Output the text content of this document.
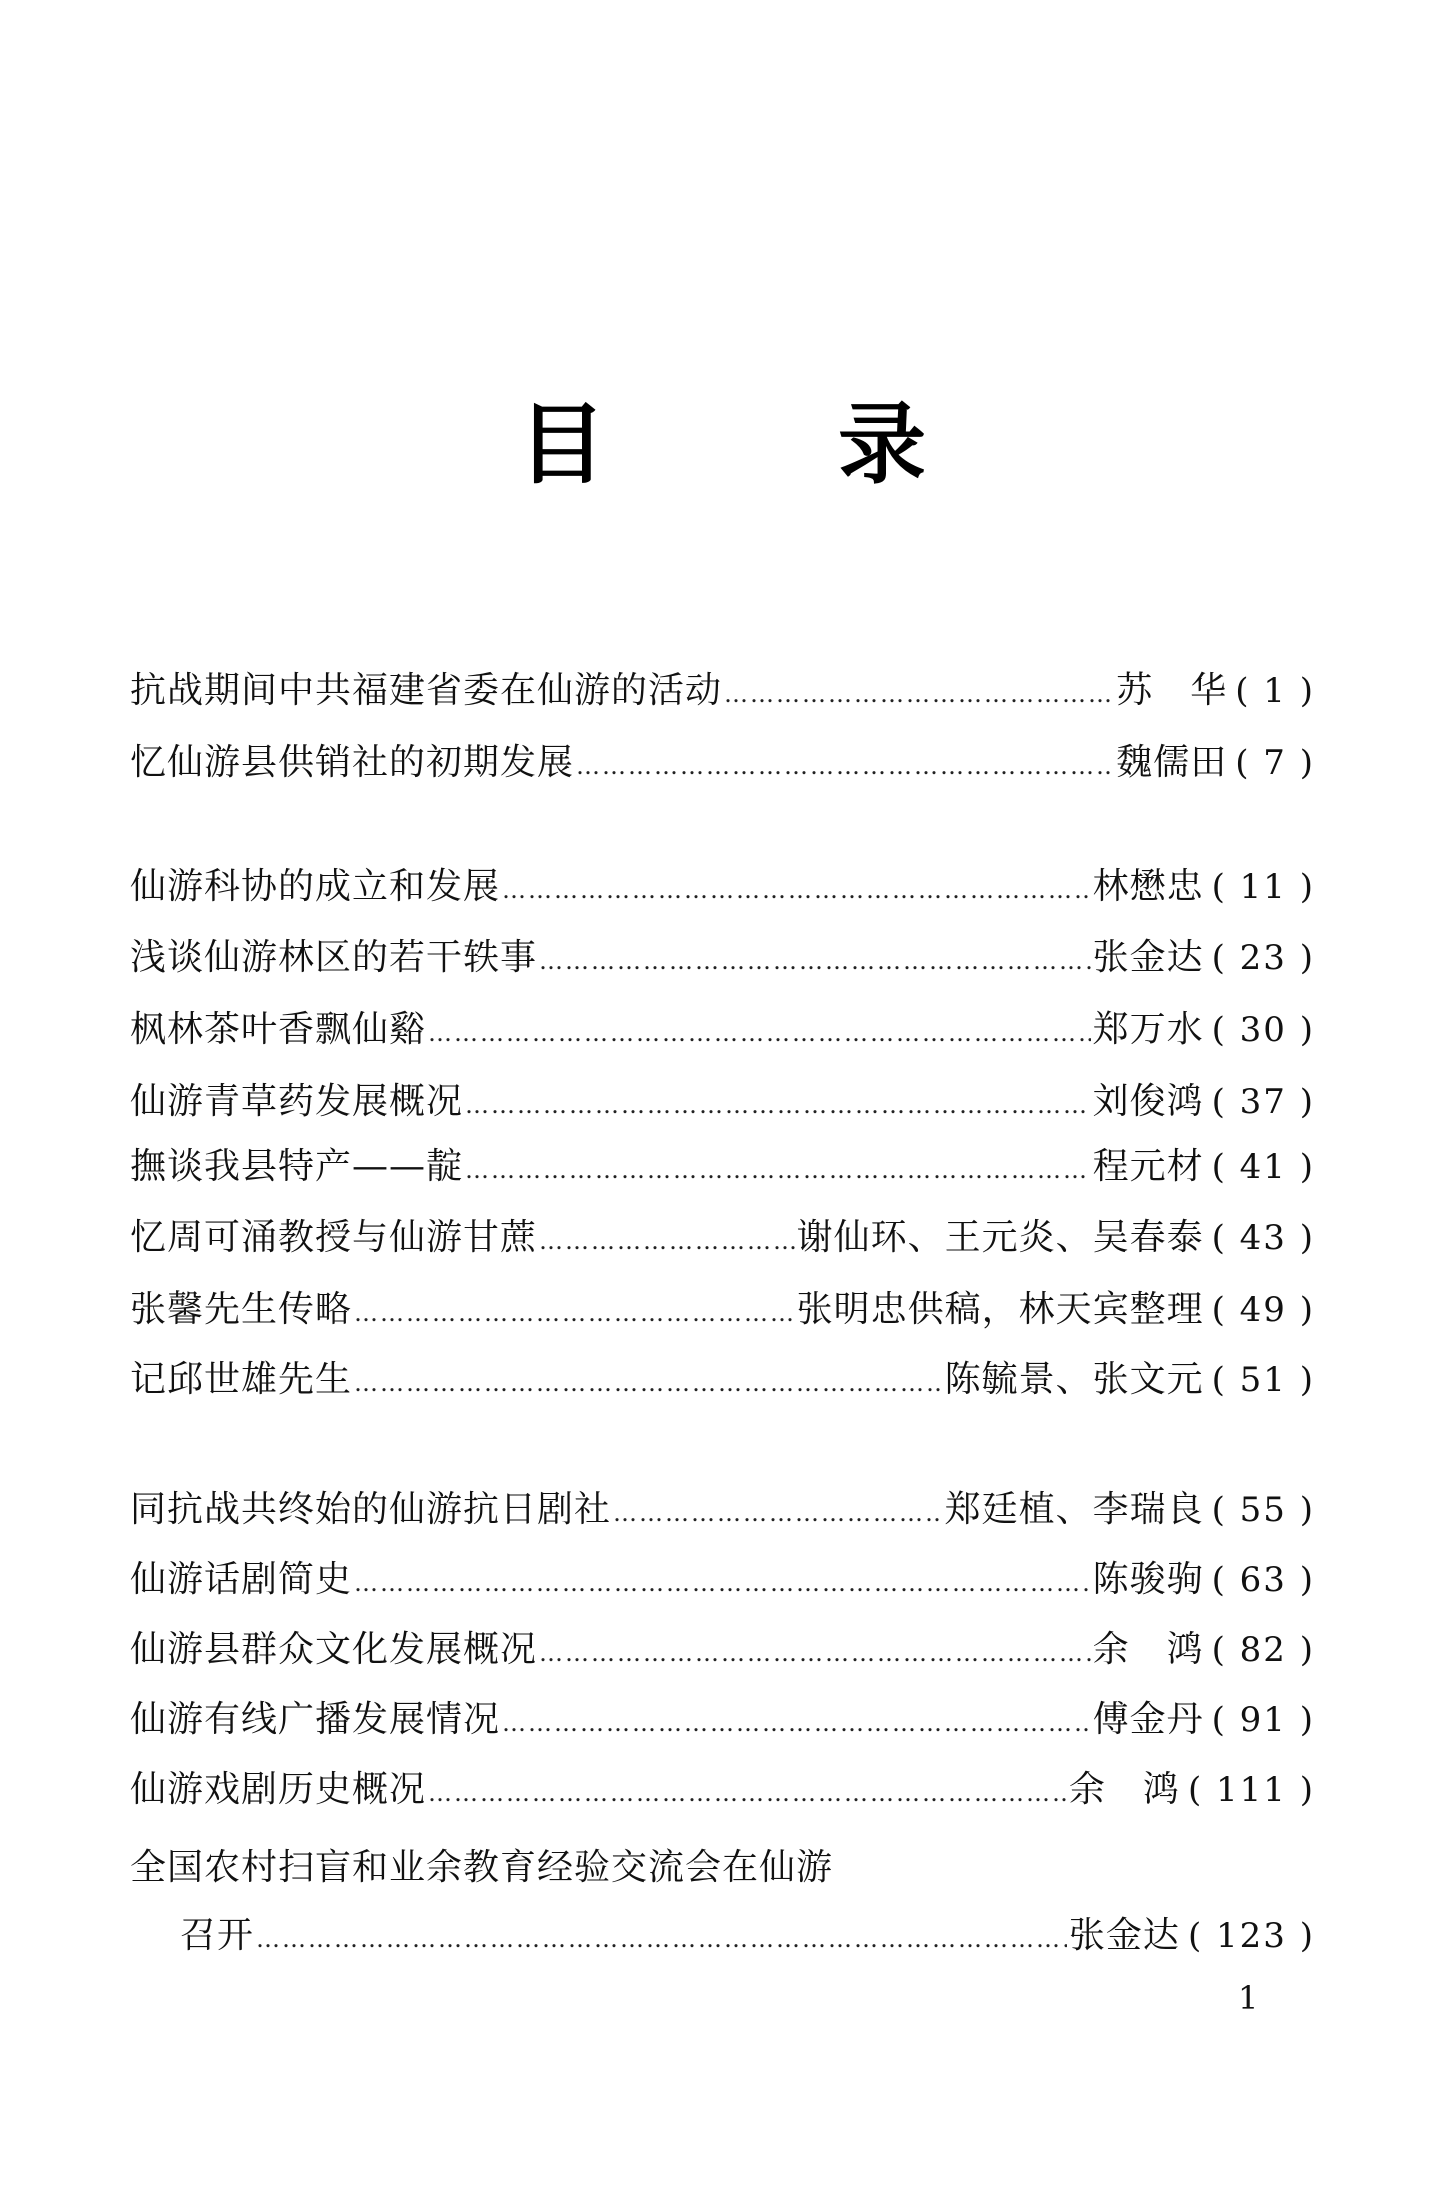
目	录
抗战期间中共福建省委在仙游的活动 …………………………………………………………………………………………………………………………………………………………………………	苏　华	( 1 )
忆仙游县供销社的初期发展 …………………………………………………………………………………………………………………………………………………………………………	魏儒田	( 7 )
仙游科协的成立和发展 …………………………………………………………………………………………………………………………………………………………………………	林懋忠	( 11 )
浅谈仙游林区的若干轶事 …………………………………………………………………………………………………………………………………………………………………………	张金达	( 23 )
枫林茶叶香飘仙谿 …………………………………………………………………………………………………………………………………………………………………………	郑万水	( 30 )
仙游青草药发展概况 …………………………………………………………………………………………………………………………………………………………………………	刘俊鸿	( 37 )
撫谈我县特产——靛 …………………………………………………………………………………………………………………………………………………………………………	程元材	( 41 )
忆周可涌教授与仙游甘蔗 …………………………………………………………………………………………………………………………………………………………………………	谢仙环、王元炎、吴春泰	( 43 )
张馨先生传略 …………………………………………………………………………………………………………………………………………………………………………	张明忠供稿，林天宾整理	( 49 )
记邱世雄先生 …………………………………………………………………………………………………………………………………………………………………………	陈毓景、张文元	( 51 )
同抗战共终始的仙游抗日剧社 …………………………………………………………………………………………………………………………………………………………………………	郑廷植、李瑞良	( 55 )
仙游话剧简史 …………………………………………………………………………………………………………………………………………………………………………	陈骏驹	( 63 )
仙游县群众文化发展概况 …………………………………………………………………………………………………………………………………………………………………………	余　鸿	( 82 )
仙游有线广播发展情况 …………………………………………………………………………………………………………………………………………………………………………	傅金丹	( 91 )
仙游戏剧历史概况 …………………………………………………………………………………………………………………………………………………………………………	余　鸿	( 111 )
全国农村扫盲和业余教育经验交流会在仙游
召开 …………………………………………………………………………………………………………………………………………………………………………	张金达	( 123 )
1
